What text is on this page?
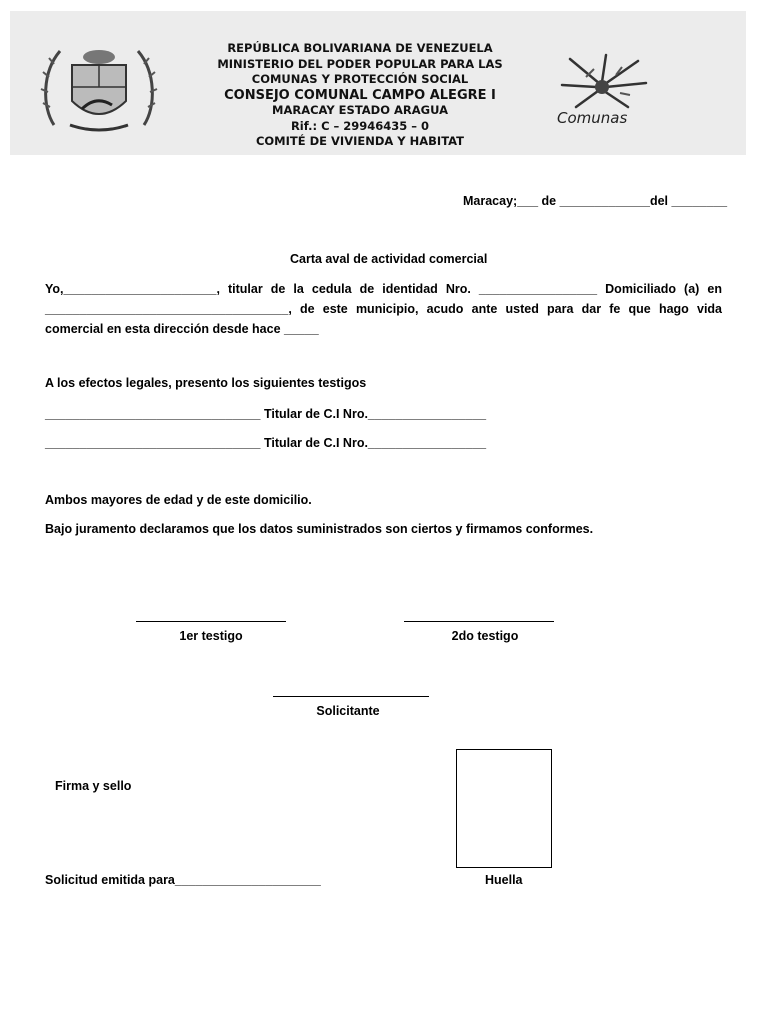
REPÚBLICA BOLIVARIANA DE VENEZUELA
MINISTERIO DEL PODER POPULAR PARA LAS
COMUNAS Y PROTECCIÓN SOCIAL
CONSEJO COMUNAL CAMPO ALEGRE I
MARACAY ESTADO ARAGUA
Rif.: C – 29946435 – 0
COMITÉ DE VIVIENDA Y HABITAT
Comunas
Maracay;___ de _____________del ________
Carta aval de actividad comercial
Yo,______________________, titular de la cedula de identidad Nro. _________________ Domiciliado (a) en ___________________________________, de este municipio, acudo ante usted para dar fe que hago vida comercial en esta dirección desde hace _____
A los efectos legales, presento los siguientes testigos
_______________________________ Titular de C.I Nro._________________
_______________________________ Titular de C.I Nro._________________
Ambos mayores de edad y de este domicilio.
Bajo juramento declaramos que los datos suministrados son ciertos y firmamos conformes.
1er testigo	2do testigo
Solicitante
Firma y sello
Solicitud emitida para_____________________	Huella
